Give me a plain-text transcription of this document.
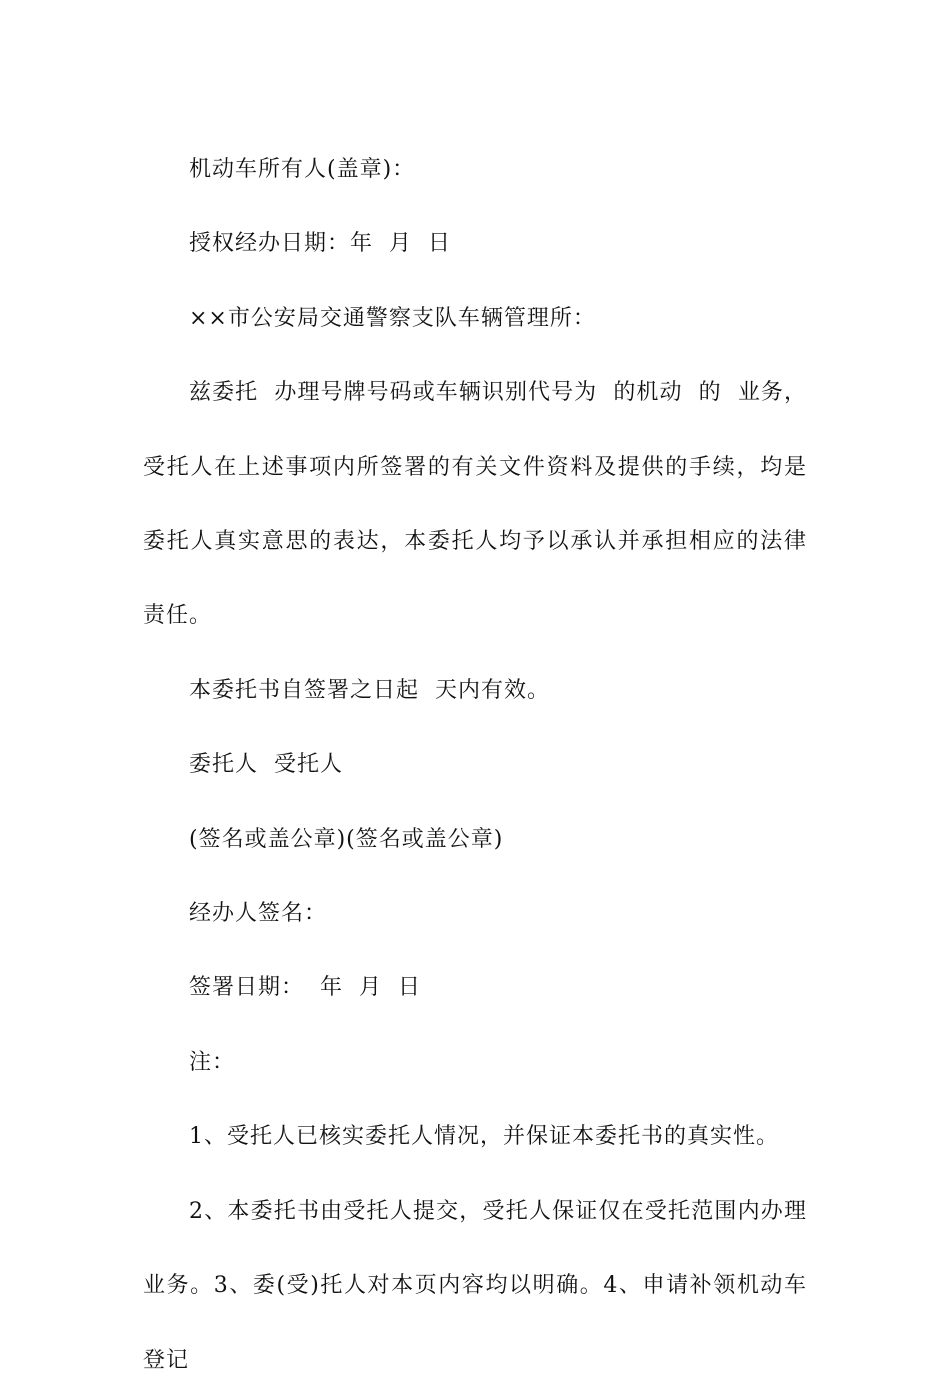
机动车所有人(盖章)：

授权经办日期：年  月  日

××市公安局交通警察支队车辆管理所：

兹委托  办理号牌号码或车辆识别代号为  的机动  的  业务，  受托人在上述事项内所签署的有关文件资料及提供的手续，均是委托人真实意思的表达，本委托人均予以承认并承担相应的法律责任。

本委托书自签署之日起  天内有效。

委托人  受托人

(签名或盖公章)(签名或盖公章)

经办人签名：

签署日期：  年  月  日

注：

1、受托人已核实委托人情况，并保证本委托书的真实性。

2、本委托书由受托人提交，受托人保证仅在受托范围内办理业务。3、委(受)托人对本页内容均以明确。4、申请补领机动车登记
